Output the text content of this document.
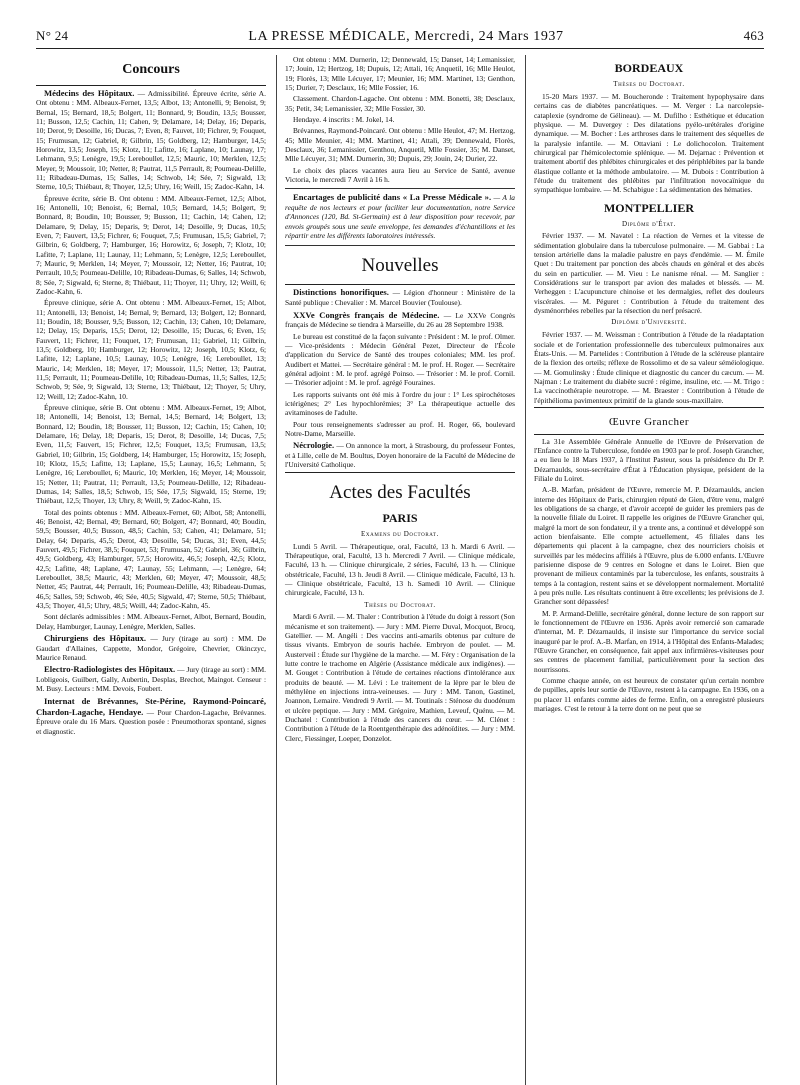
N° 24	LA PRESSE MÉDICALE, Mercredi, 24 Mars 1937	463
Concours

Médecins des Hôpitaux. — Admissibilité. Épreuve écrite, série A. Ont obtenu : MM. Albeaux-Fernet, 13,5; Albot, 13; Antonelli, 9; Benoist, 9; Bernal, 15; Bernard, 18,5; Bolgert, 11; Bonnard, 9; Boudin, 13,5; Bousser, 11; Busson, 12,5; Cachin, 11; Cahen, 9; Delamare, 14; Delay, 16; Deparis, 10; Derot, 9; Desoille, 16; Ducas, 7; Even, 8; Fauvet, 10; Fichrer, 9; Fouquet, 15; Frumusan, 12; Gabriel, 8; Gilbrin, 15; Goldberg, 12; Hamburger, 14,5; Horowitz, 13,5; Joseph, 15; Klotz, 11; Lafitte, 16; Laplane, 10; Launay, 17; Lehmann, 9,5; Lenègre, 19,5; Lereboullet, 12,5; Mauric, 10; Merklen, 12,5; Meyer, 9; Moussoir, 10; Netter, 8; Pautrat, 11,5 Perrault, 8; Poumeau-Delille, 11; Ribadeau-Dumas, 15; Salles, 14; Schwob, 14; Sée, 7; Sigwald, 13; Sterne, 10,5; Thiébaut, 8; Thoyer, 12,5; Uhry, 16; Weill, 15; Zadoc-Kahn, 14.

Épreuve écrite, série B. Ont obtenu : MM. Albeaux-Fernet, 12,5; Albot, 16; Antonelli, 10; Benoist, 6; Bernal, 10,5; Bernard, 14,5; Bolgert, 9; Bonnard, 8; Boudin, 10; Bousser, 9; Busson, 11; Cachin, 14; Cahen, 12; Delamare, 9; Delay, 15; Deparis, 9; Derot, 14; Desoille, 9; Ducas, 10,5; Even, 7; Fauvert, 13,5; Fichrer, 6; Fouquet, 7,5; Frumusan, 15,5; Gabriel, 7; Gilbrin, 6; Goldberg, 7; Hamburger, 16; Horowitz, 6; Joseph, 7; Klotz, 10; Lafitte, 7; Laplane, 11; Launay, 11; Lehmann, 5; Lenègre, 12,5; Lereboullet, 7; Mauric, 9; Merklen, 14; Meyer, 7; Moussoir, 12; Netter, 16; Pautrat, 10; Perrault, 10,5; Poumeau-Delille, 10; Ribadeau-Dumas, 6; Salles, 14; Schwob, 8; Sée, 7; Sigwald, 6; Sterne, 8; Thiébaut, 11; Thoyer, 11; Uhry, 12; Weill, 6; Zadoc-Kahn, 6.

Épreuve clinique, série A. Ont obtenu : MM. Albeaux-Fernet, 15; Albot, 11; Antonelli, 13; Benoist, 14; Bernal, 9; Bernard, 13; Bolgert, 12; Bonnard, 11; Boudin, 18; Bousser, 9,5; Busson, 12; Cachin, 13; Cahen, 10; Delamare, 12; Delay, 15; Deparis, 15,5; Derot, 12; Desoille, 15; Ducas, 6; Even, 15; Fauvert, 11; Fichrer, 11; Fouquet, 17; Frumusan, 11; Gabriel, 11; Gilbrin, 13,5; Goldberg, 10; Hamburger, 12; Horowitz, 12; Joseph, 10,5; Klotz, 6; Lafitte, 12; Laplane, 10,5; Launay, 10,5; Lenègre, 16; Lereboullet, 13; Mauric, 14; Merklen, 18; Meyer, 17; Moussoir, 11,5; Netter, 13; Pautrat, 11,5; Perrault, 11; Poumeau-Delille, 10; Ribadeau-Dumas, 11,5; Salles, 12,5; Schwob, 9; Sée, 9; Sigwald, 13; Sterne, 13; Thiébaut, 12; Thoyer, 5; Uhry, 12; Weill, 12; Zadoc-Kahn, 10.

Épreuve clinique, série B. Ont obtenu : MM. Albeaux-Fernet, 19; Albot, 18; Antonelli, 14; Benoist, 13; Bernal, 14,5; Bernard, 14; Bolgert, 13; Bonnard, 12; Boudin, 18; Bousser, 11; Busson, 12; Cachin, 15; Cahen, 10; Delamare, 16; Delay, 18; Deparis, 15; Derot, 8; Desoille, 14; Ducas, 7,5; Even, 11,5; Fauvert, 15; Fichrer, 12,5; Fouquet, 13,5; Frumusan, 13,5; Gabriel, 10; Gilbrin, 15; Goldberg, 14; Hamburger, 15; Horowitz, 15; Joseph, 10; Klotz, 15,5; Lafitte, 13; Laplane, 15,5; Launay, 16,5; Lehmann, 5; Lenègre, 16; Lereboullet, 6; Mauric, 10; Merklen, 16; Meyer, 14; Moussoir, 15; Netter, 11; Pautrat, 11; Perrault, 13,5; Poumeau-Delille, 12; Ribadeau-Dumas, 14; Salles, 18,5; Schwob, 15; Sée, 17,5; Sigwald, 15; Sterne, 19; Thiébaut, 12,5; Thoyer, 13; Uhry, 8; Weill, 9; Zadoc-Kahn, 15.

Total des points obtenus : MM. Albeaux-Fernet, 60; Albot, 58; Antonelli, 46; Benoist, 42; Bernal, 49; Bernard, 60; Bolgert, 47; Bonnard, 40; Boudin, 59,5; Bousser, 40,5; Busson, 48,5; Cachin, 53; Cahen, 41; Delamare, 51; Delay, 64; Deparis, 45,5; Derot, 43; Desoille, 54; Ducas, 31; Even, 44,5; Fauvert, 49,5; Fichrer, 38,5; Fouquet, 53; Frumusan, 52; Gabriel, 36; Gilbrin, 49,5; Goldberg, 43; Hamburger, 57,5; Horowitz, 46,5; Joseph, 42,5; Klotz, 42,5; Lafitte, 48; Laplane, 47; Launay, 55; Lehmann, —; Lenègre, 64; Lereboullet, 38,5; Mauric, 43; Merklen, 60; Meyer, 47; Moussoir, 48,5; Netter, 45; Pautrat, 44; Perrault, 16; Poumeau-Delille, 43; Ribadeau-Dumas, 46,5; Salles, 59; Schwob, 46; Sée, 40,5; Sigwald, 47; Sterne, 50,5; Thiébaut, 43,5; Thoyer, 41,5; Uhry, 48,5; Weill, 44; Zadoc-Kahn, 45.

Sont déclarés admissibles : MM. Albeaux-Fernet, Albot, Bernard, Boudin, Delay, Hamburger, Launay, Lenègre, Merklen, Salles.

Chirurgiens des Hôpitaux. — Jury (tirage au sort) : MM. De Gaudart d'Allaines, Cappette, Mondor, Grégoire, Chevrier, Okinczyc, Maurice Renaud.

Electro-Radiologistes des Hôpitaux. — Jury (tirage au sort) : MM. Lobligeois, Guilbert, Gally, Aubertin, Desplas, Brechot, Maingot. Censeur : M. Busy. Lecteurs : MM. Devois, Foubert.

Internat de Brévannes, Ste-Périne, Raymond-Poincaré, Chardon-Lagache, Hendaye. — Pour Chardon-Lagache, Brévannes. Épreuve orale du 16 Mars. Question posée : Pneumothorax spontané, signes et diagnostic.

Ont obtenu : MM. Durnerin, 12; Dennewald, 15; Danset, 14; Lemanissier, 17; Jouin, 12; Hertzog, 18; Dupuis, 12; Attali, 16; Anquetil, 16; Mlle Heulot, 19; Florès, 13; Mlle Lécuyer, 17; Meunier, 16; MM. Martinet, 13; Genthon, 15; Durier, 7; Desclaux, 16; Mlle Fossier, 16.

Classement. Chardon-Lagache. Ont obtenu : MM. Bonetti, 38; Desclaux, 35; Petit, 34; Lemanissier, 32; Mlle Fossier, 30.

Hendaye. 4 inscrits : M. Jokel, 14.

Brévannes, Raymond-Poincaré. Ont obtenu : Mlle Heulot, 47; M. Hertzog, 45; Mlle Meunier, 41; MM. Martinet, 41; Attali, 39; Dennewald, Florès, Desclaux, 36; Lemanissier, Genthou, Anquetil, Mlle Fossier, 35; M. Danset, Mlle Lécuyer, 31; MM. Durnerin, 30; Dupuis, 29; Jouin, 24; Durier, 22.

Le choix des places vacantes aura lieu au Service de Santé, avenue Victoria, le mercredi 7 Avril à 16 h.

Encartages de publicité dans « La Presse Médicale ». — A la requête de nos lecteurs et pour faciliter leur documentation, notre Service d'Annonces (120, Bd. St-Germain) est à leur disposition pour recevoir, par envois groupés sous une seule enveloppe, les demandes d'échantillons et les répartir entre les différents laboratoires intéressés.

Nouvelles

Distinctions honorifiques. — Légion d'honneur : Ministère de la Santé publique : Chevalier : M. Marcel Bouvier (Toulouse).

XXVe Congrès français de Médecine. — Le XXVe Congrès français de Médecine se tiendra à Marseille, du 26 au 28 Septembre 1938.

Le bureau est constitué de la façon suivante : Président : M. le prof. Olmer. — Vice-présidents : Médecin Général Pezet, Directeur de l'École d'application du Service de Santé des troupes coloniales; MM. les prof. Audibert et Mattei. — Secrétaire général : M. le prof. H. Roger. — Secrétaire général adjoint : M. le prof. agrégé Poinso. — Trésorier : M. le prof. Cornil. — Trésorier adjoint : M. le prof. agrégé Fouraines.

Les rapports suivants ont été mis à l'ordre du jour : 1° Les spirochétoses ictérigènes; 2° Les hypochlorémies; 3° La thérapeutique actuelle des avitaminoses de l'adulte.

Pour tous renseignements s'adresser au prof. H. Roger, 66, boulevard Notre-Dame, Marseille.

Nécrologie. — On annonce la mort, à Strasbourg, du professeur Fontes, et à Lille, celle de M. Boultus, Doyen honoraire de la Faculté de Médecine de l'Université Catholique.

Actes des Facultés
PARIS
Examens du Doctorat.

Lundi 5 Avril. — Thérapeutique, oral, Faculté, 13 h. Mardi 6 Avril. — Thérapeutique, oral, Faculté, 13 h. Mercredi 7 Avril. — Clinique médicale, Faculté, 13 h. — Clinique chirurgicale, 2 séries, Faculté, 13 h. — Clinique obstétricale, Faculté, 13 h. Jeudi 8 Avril. — Clinique médicale, Faculté, 13 h. — Clinique obstétricale, Faculté, 13 h. Samedi 10 Avril. — Clinique chirurgicale, Faculté, 13 h.

Thèses du Doctorat.

Mardi 6 Avril. — M. Thaler : Contribution à l'étude du doigt à ressort (Son mécanisme et son traitement). — Jury : MM. Pierre Duval, Mocquot, Brocq, Gatellier. — M. Angéli : Des vaccins anti-amarils obtenus par culture de tissus vivants. Embryon de souris hachée. Embryon de poulet. — M. Austerveil : Étude sur l'hygiène de la marche. — M. Féry : Organisation de la lutte contre le trachome en Algérie (Assistance médicale aux indigènes). — M. Gouget : Contribution à l'étude de certaines réactions d'intolérance aux produits de beauté. — M. Lévi : Le traitement de la lèpre par le bleu de méthylène en injections intra-veineuses. — Jury : MM. Tanon, Gastinel, Joannon, Lemaire. Vendredi 9 Avril. — M. Toutinaïs : Sténose du duodénum et ulcère peptique. — Jury : MM. Grégoire, Mathien, Leveuf, Quénu. — M. Duchatel : Contribution à l'étude des cancers du cœur. — M. Clénet : Contribution à l'étude de la Roentgenthérapie des adénoïdites. — Jury : MM. Clerc, Fiessinger, Loeper, Donzelot.

BORDEAUX
Thèses du Doctorat.

15-20 Mars 1937. — M. Boucheronde : Traitement hypophysaire dans certains cas de diabètes pancréatiques. — M. Verger : La narcolepsie-cataplexie (syndrome de Gélineau). — M. Dufilho : Esthétique et éducation physique. — M. Duvergey : Des dilatations pyélo-urétérales d'origine dynamique. — M. Bocher : Les arthroses dans le traitement des séquelles de la paralysie infantile. — M. Ottaviani : Le dolichocolon. Traitement chirurgical par l'hémicolectomie splénique. — M. Dejarnac : Prévention et traitement abortif des phlébites chirurgicales et des périphlébites par la bande élastique collante et la méthode ambulatoire. — M. Dubois : Contribution à l'étude du traitement des phlébites par l'infiltration novocaïnique du sympathique lombaire. — M. Schabigue : La sédimentation des hématies.

MONTPELLIER
Diplôme d'État.

Février 1937. — M. Navatel : La réaction de Vernes et la vitesse de sédimentation globulaire dans la tuberculose pulmonaire. — M. Gabbai : La tension artérielle dans la maladie palustre en pays d'endémie. — M. Émile Quet : Du traitement par ponction des abcès chauds en général et des abcès du sein en particulier. — M. Vieu : Le nanisme rénal. — M. Sanglier : Considérations sur le transport par avion des malades et blessés. — M. Verheggen : L'acupuncture chinoise et les dermalgies, reflet des douleurs viscérales. — M. Péguret : Contribution à l'étude du traitement des dysménorrhées rebelles par la résection du nerf présacré.

Diplôme d'Université.

Février 1937. — M. Weissman : Contribution à l'étude de la réadaptation sociale et de l'orientation professionnelle des tuberculeux pulmonaires aux États-Unis. — M. Partelides : Contribution à l'étude de la scléreuse plantaire de la flexion des orteils; réflexe de Rossolimo et de sa valeur séméiologique. — M. Gomulinsky : Étude clinique et diagnostic du cancer du cæcum. — M. Najman : Le traitement du diabète sucré : régime, insuline, etc. — M. Trigo : La vaccinothérapie neurotrope. — M. Braester : Contribution à l'étude de l'épithélioma pavimenteux primitif de la glande sous-maxillaire.

Œuvre Grancher

La 31e Assemblée Générale Annuelle de l'Œuvre de Préservation de l'Enfance contre la Tuberculose, fondée en 1903 par le prof. Joseph Grancher, a eu lieu le 18 Mars 1937, à l'Institut Pasteur, sous la présidence du Dr P. Dézarnaulds, sous-secrétaire d'État à l'Éducation physique, président de la Filiale du Loiret.

A.-B. Marfan, président de l'Œuvre, remercie M. P. Dézarnaulds, ancien interne des Hôpitaux de Paris, chirurgien réputé de Gien, d'être venu, malgré les obligations de sa charge, et d'avoir accepté de guider les premiers pas de la nouvelle filiale du Loiret. Il rappelle les origines de l'Œuvre Grancher qui, malgré la mort de son fondateur, il y a trente ans, a continué et développé son action bienfaisante. Elle compte actuellement, 45 filiales dans les départements qui placent à la campagne, chez des nourriciers choisis et surveillés par les médecins affiliés à l'Œuvre, plus de 6.000 enfants. L'Œuvre parisienne dispose de 9 centres en Sologne et dans le Loiret. Bien que provenant de milieux contaminés par la tuberculose, les enfants, soustraits à temps à la contagion, restent sains et se développent normalement. Mortalité à peu près nulle. Les résultats continuent à être excellents; les prévisions de J. Grancher sont dépassées!

M. P. Armand-Delille, secrétaire général, donne lecture de son rapport sur le fonctionnement de l'Œuvre en 1936. Après avoir remercié son camarade d'internat, M. P. Dézarnaulds, il insiste sur l'importance du service social inauguré par le prof. A.-B. Marfan, en 1914, à l'Hôpital des Enfants-Malades; l'Œuvre Grancher, en conséquence, fait appel aux infirmières-visiteuses pour ses centres de placement familial, particulièrement pour la section des nourrissons.

Comme chaque année, on est heureux de constater qu'un certain nombre de pupilles, après leur sortie de l'Œuvre, restent à la campagne. En 1936, on a pu placer 11 enfants comme aides de ferme. Enfin, on a enregistré plusieurs mariages. C'est le retour à la terre dont on ne peut que se
